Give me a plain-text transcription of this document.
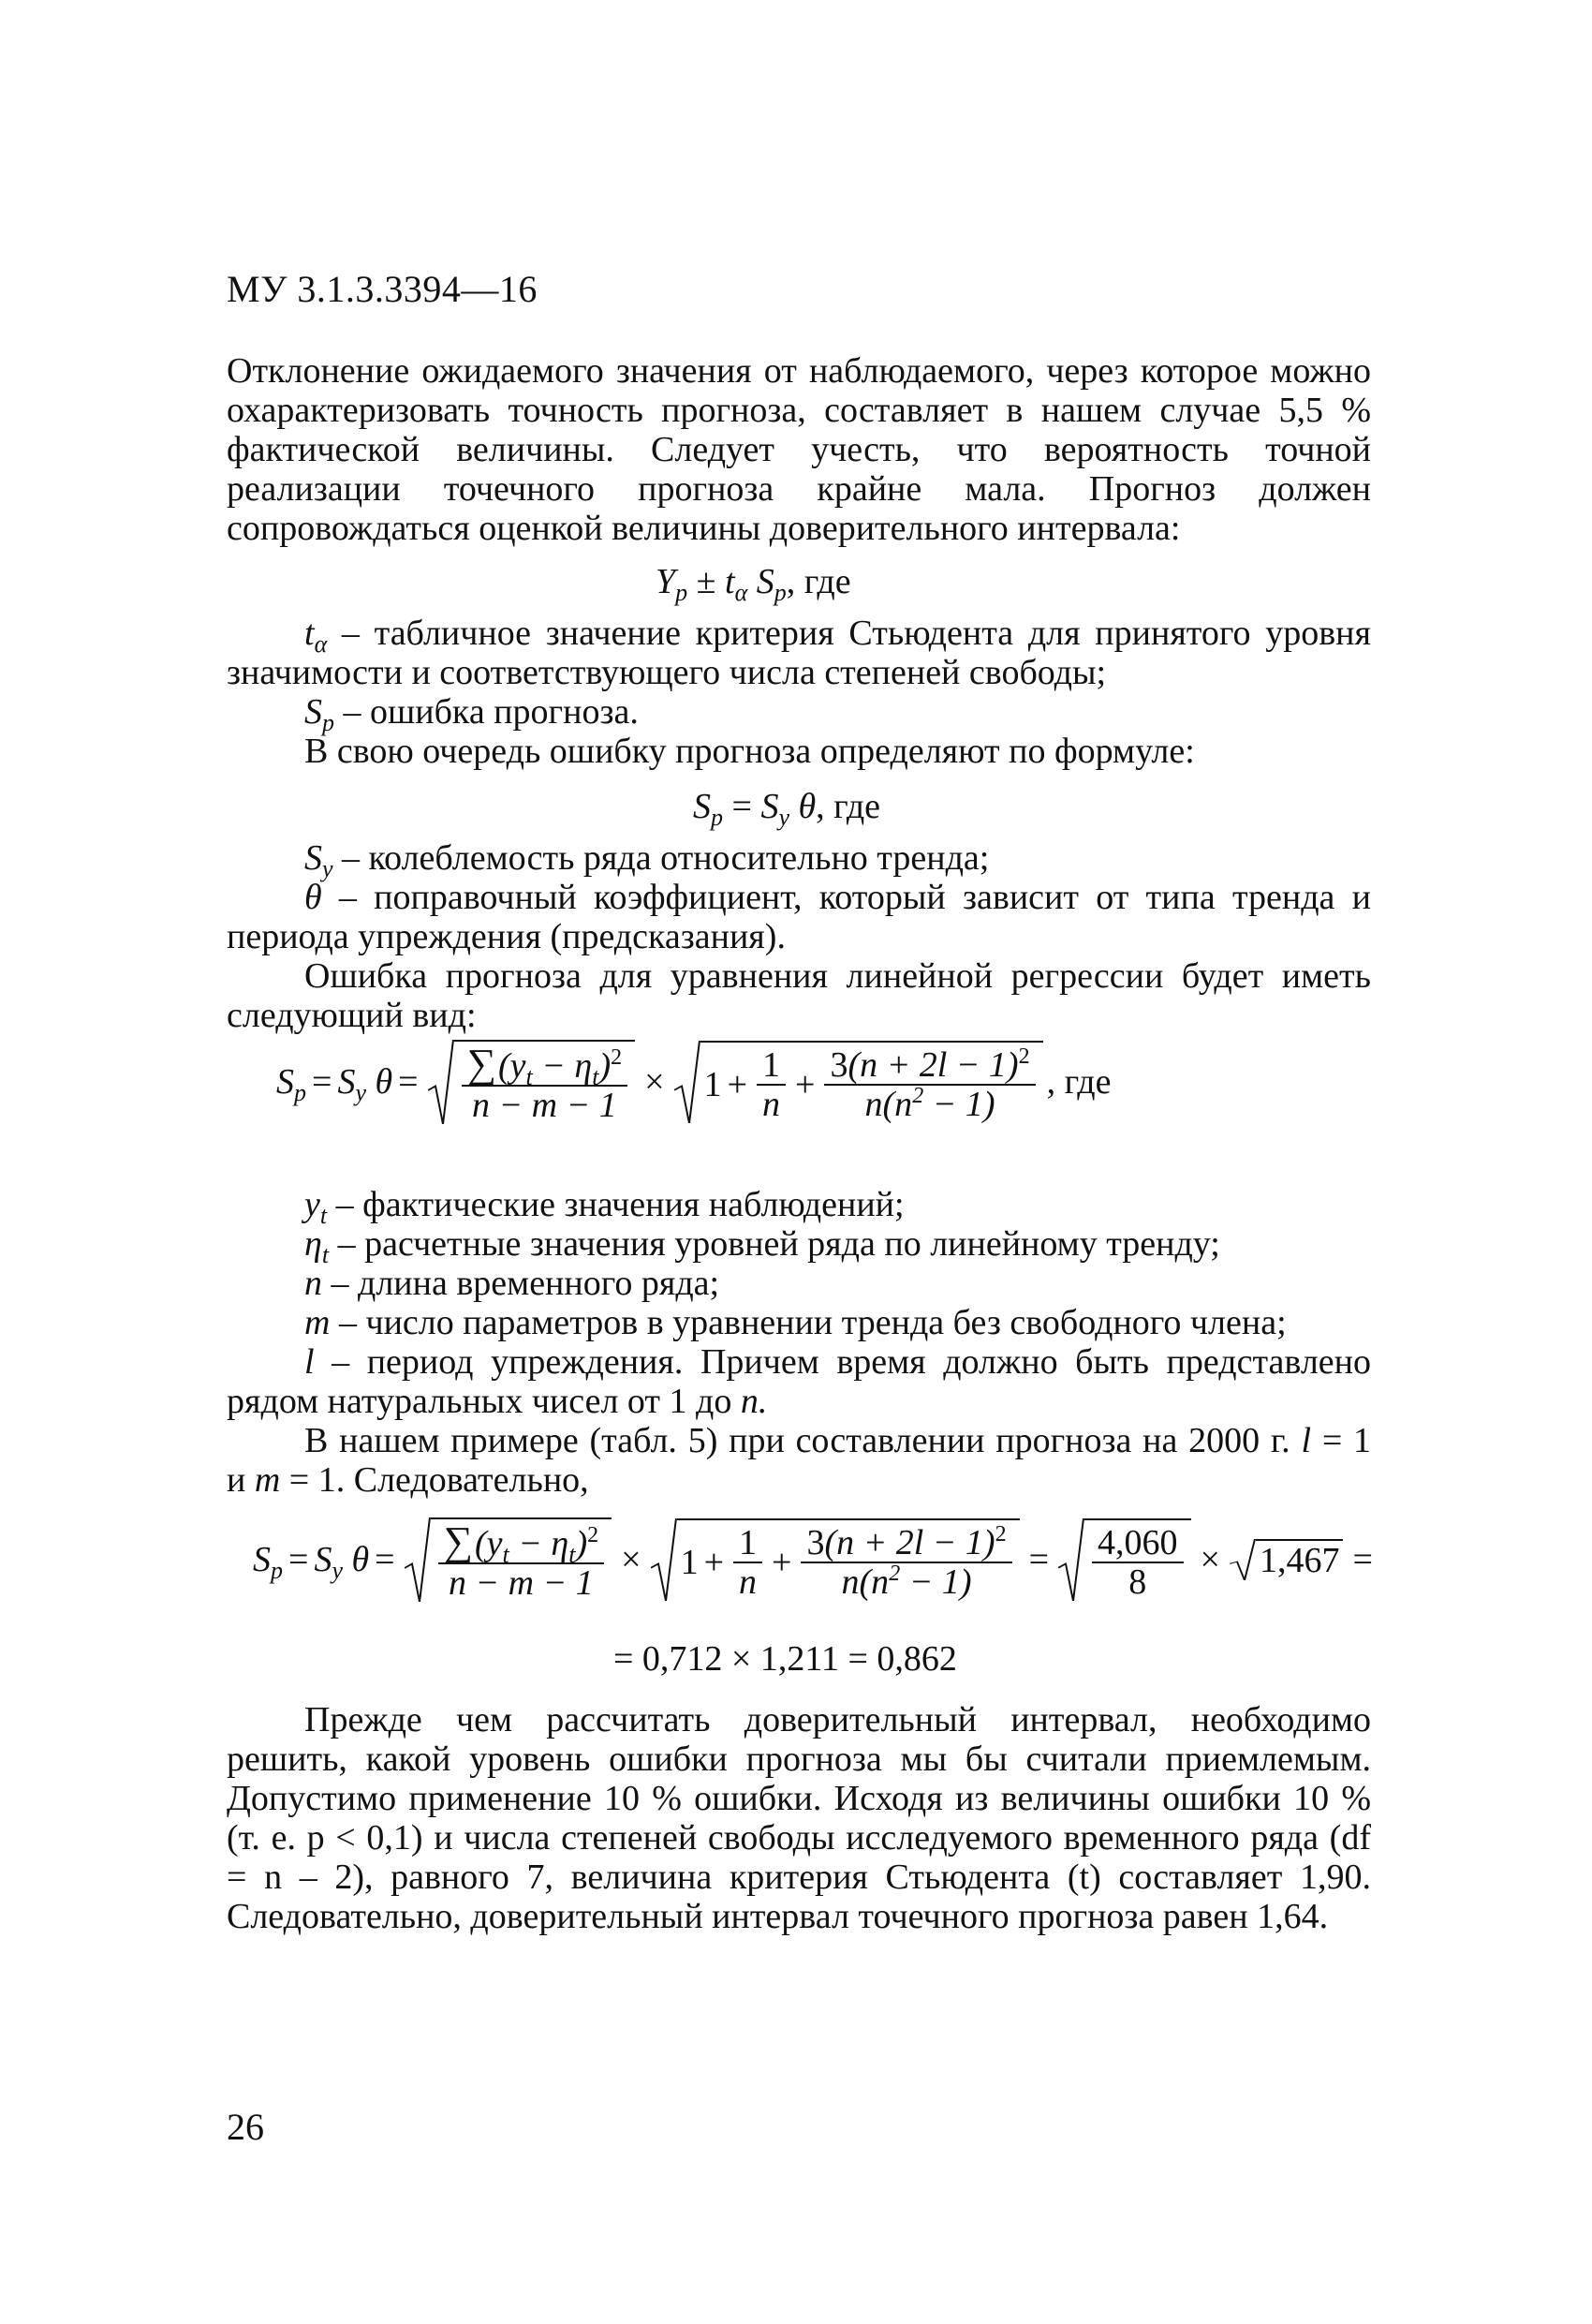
МУ 3.1.3.3394—16

Отклонение ожидаемого значения от наблюдаемого, через которое можно охарактеризовать точность прогноза, составляет в нашем случае 5,5 % фактической величины. Следует учесть, что вероятность точной реализации точечного прогноза крайне мала. Прогноз должен сопровождаться оценкой величины доверительного интервала:

$Y_p \pm t_\alpha$ $S_p$, где

$t_\alpha$ – табличное значение критерия Стьюдента для принятого уровня значимости и соответствующего числа степеней свободы;

$S_p$ – ошибка прогноза.

В свою очередь ошибку прогноза определяют по формуле:

$S_p = S_y$ θ, где

$S_y$ – колеблемость ряда относительно тренда;

θ – поправочный коэффициент, который зависит от типа тренда и периода упреждения (предсказания).

Ошибка прогноза для уравнения линейной регрессии будет иметь следующий вид:

$S_p = S_y$
$\theta = \frac{\sum(y_t - \eta_t)^2}{n - m - 1} \times 1 + \frac{1}{n} + \frac{3(n + 2l - 1)^2}{n(n^2 - 1)}$ , где

$y_t$ – фактические значения наблюдений;

$\eta_t$ – расчетные значения уровней ряда по линейному тренду;

n – длина временного ряда;

m – число параметров в уравнении тренда без свободного члена;

l – период упреждения. Причем время должно быть представлено рядом натуральных чисел от 1 до n.

В нашем примере (табл. 5) при составлении прогноза на 2000 г. l = 1 и m = 1. Следовательно,

$S_p = S_y$
$\theta = \frac{\sum(y_t - \eta_t)^2}{n - m - 1} \times 1 + \frac{1}{n} + \frac{3(n + 2l - 1)^2}{n(n^2 - 1)} = \frac{4,060}{8} \times 1,467$ =
= 0,712 × 1,211 = 0,862

Прежде чем рассчитать доверительный интервал, необходимо решить, какой уровень ошибки прогноза мы бы считали приемлемым. Допустимо применение 10 % ошибки. Исходя из величины ошибки 10 % (т. е. р < 0,1) и числа степеней свободы исследуемого временного ряда (df = n – 2), равного 7, величина критерия Стьюдента (t) составляет 1,90. Следовательно, доверительный интервал точечного прогноза равен 1,64.

26
